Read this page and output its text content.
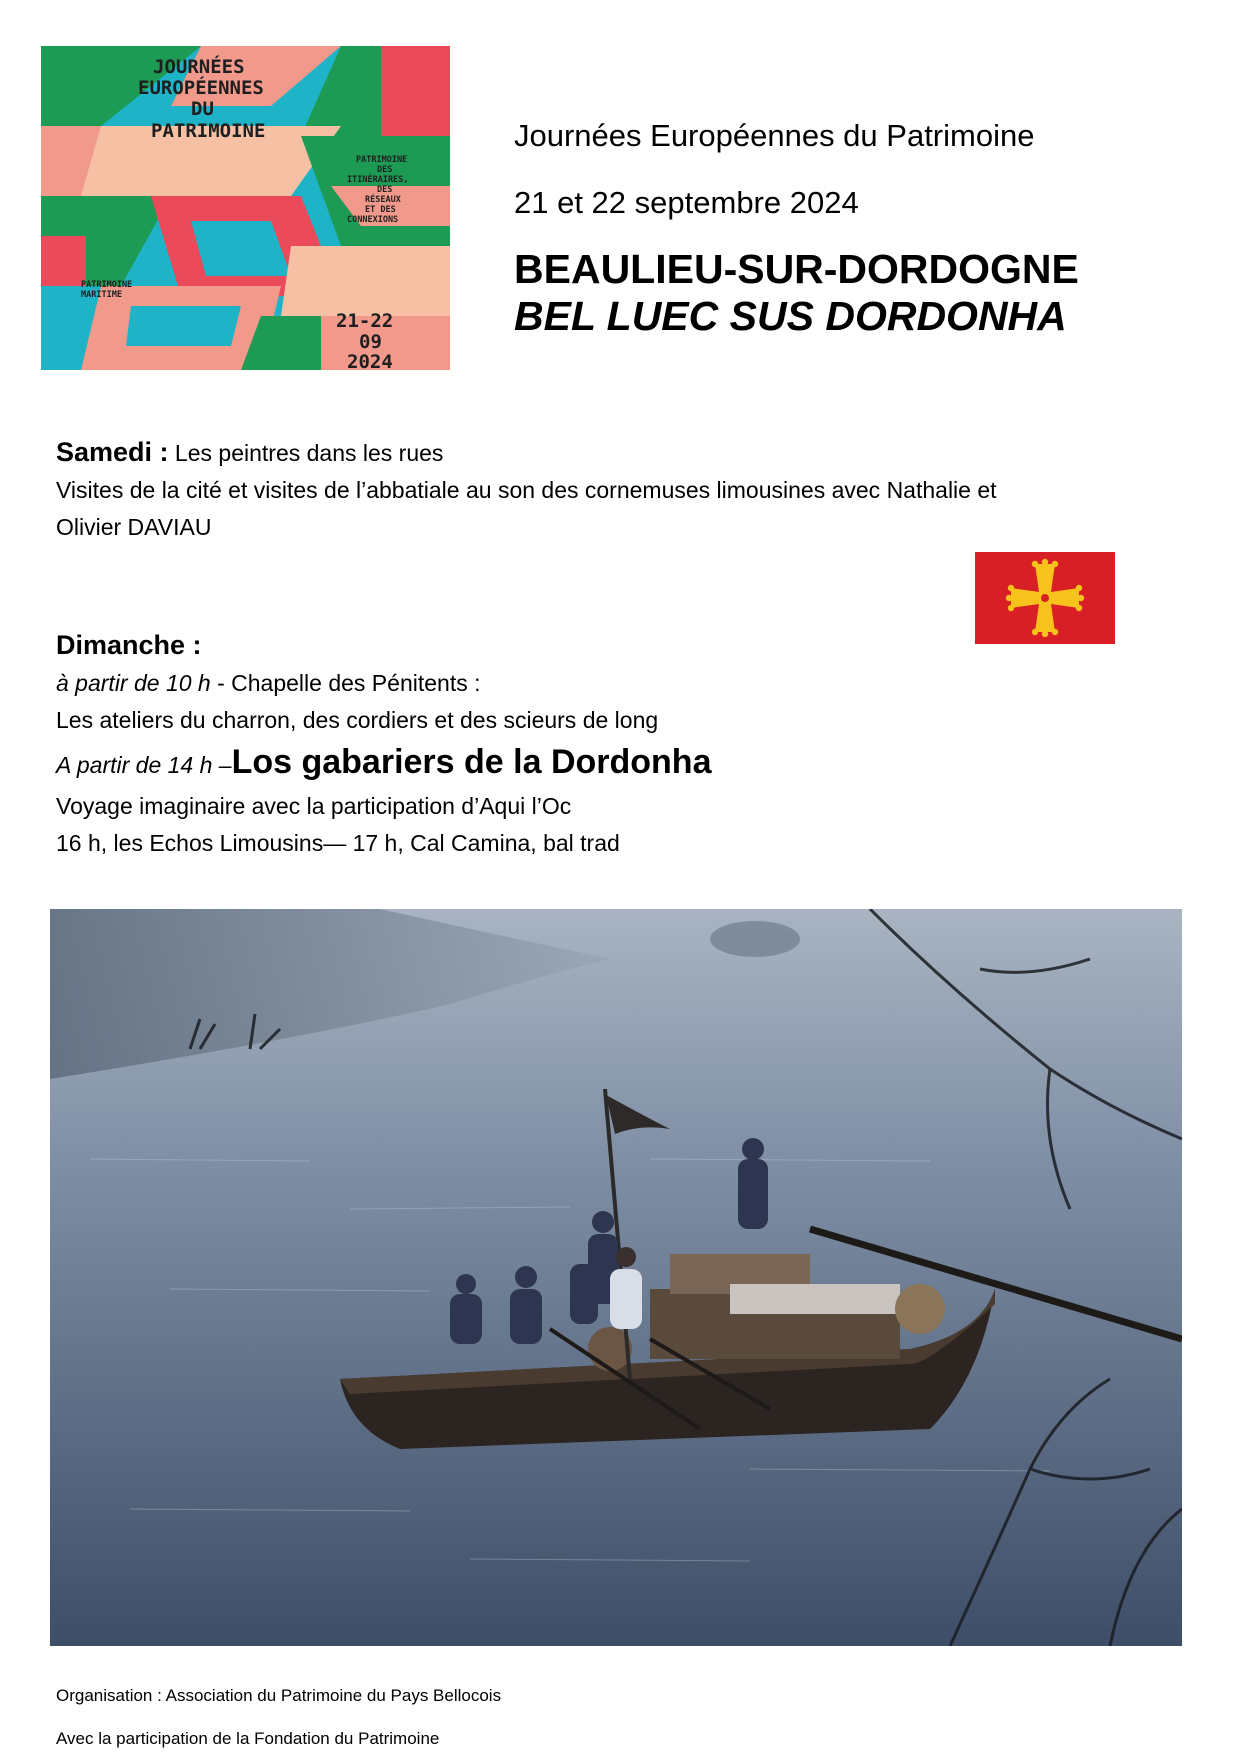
JOURNÉES
EUROPÉENNES
DU
PATRIMOINE
PATRIMOINE
DES
ITINÉRAIRES,
DES
RÉSEAUX
ET DES
CONNEXIONS
PATRIMOINE
MARITIME
21-22
09
2024
Journées Européennes du Patrimoine
21 et 22 septembre 2024
BEAULIEU-SUR-DORDOGNE
BEL LUEC SUS DORDONHA
Samedi : Les peintres dans les rues
Visites de la cité et visites de l’abbatiale au son des cornemuses limousines avec Nathalie et
Olivier DAVIAU
Dimanche :
à partir de 10 h - Chapelle des Pénitents :
Les ateliers du charron, des cordiers et des scieurs de long
A partir de 14 h –Los gabariers de la Dordonha
Voyage imaginaire avec la participation d’Aqui l’Oc
16 h, les Echos Limousins— 17 h, Cal Camina, bal trad
Organisation : Association du Patrimoine du Pays Bellocois
Avec la participation de la Fondation du Patrimoine
